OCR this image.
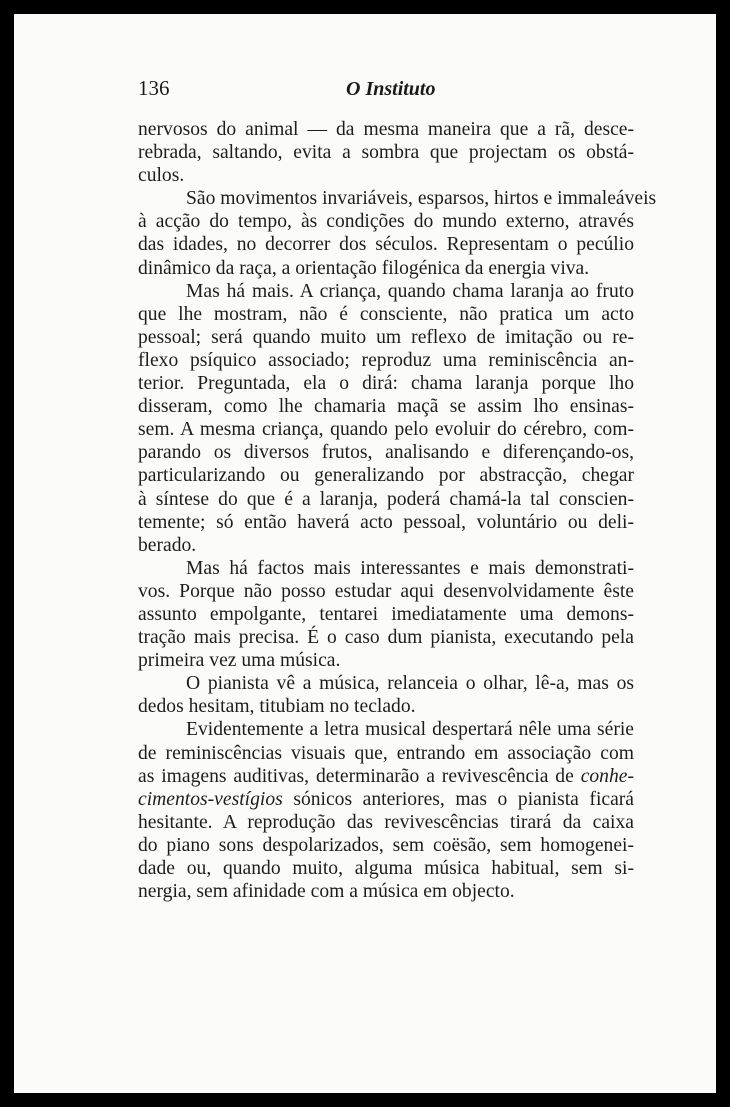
136	O Instituto

nervosos do animal — da mesma maneira que a rã, desce-
rebrada, saltando, evita a sombra que projectam os obstá-
culos.

São movimentos invariáveis, esparsos, hirtos e immaleáveis
à acção do tempo, às condições do mundo externo, através
das idades, no decorrer dos séculos. Representam o pecúlio
dinâmico da raça, a orientação filogénica da energia viva.

Mas há mais. A criança, quando chama laranja ao fruto
que lhe mostram, não é consciente, não pratica um acto
pessoal; será quando muito um reflexo de imitação ou re-
flexo psíquico associado; reproduz uma reminiscência an-
terior. Preguntada, ela o dirá: chama laranja porque lho
disseram, como lhe chamaria maçã se assim lho ensinas-
sem. A mesma criança, quando pelo evoluir do cérebro, com-
parando os diversos frutos, analisando e diferençando-os,
particularizando ou generalizando por abstracção, chegar
à síntese do que é a laranja, poderá chamá-la tal conscien-
temente; só então haverá acto pessoal, voluntário ou deli-
berado.

Mas há factos mais interessantes e mais demonstrati-
vos. Porque não posso estudar aqui desenvolvidamente êste
assunto empolgante, tentarei imediatamente uma demons-
tração mais precisa. É o caso dum pianista, executando pela
primeira vez uma música.

O pianista vê a música, relanceia o olhar, lê-a, mas os
dedos hesitam, titubiam no teclado.

Evidentemente a letra musical despertará nêle uma série
de reminiscências visuais que, entrando em associação com
as imagens auditivas, determinarão a revivescência de conhe-
cimentos-vestígios sónicos anteriores, mas o pianista ficará
hesitante. A reprodução das revivescências tirará da caixa
do piano sons despolarizados, sem coësão, sem homogenei-
dade ou, quando muito, alguma música habitual, sem si-
nergia, sem afinidade com a música em objecto.
